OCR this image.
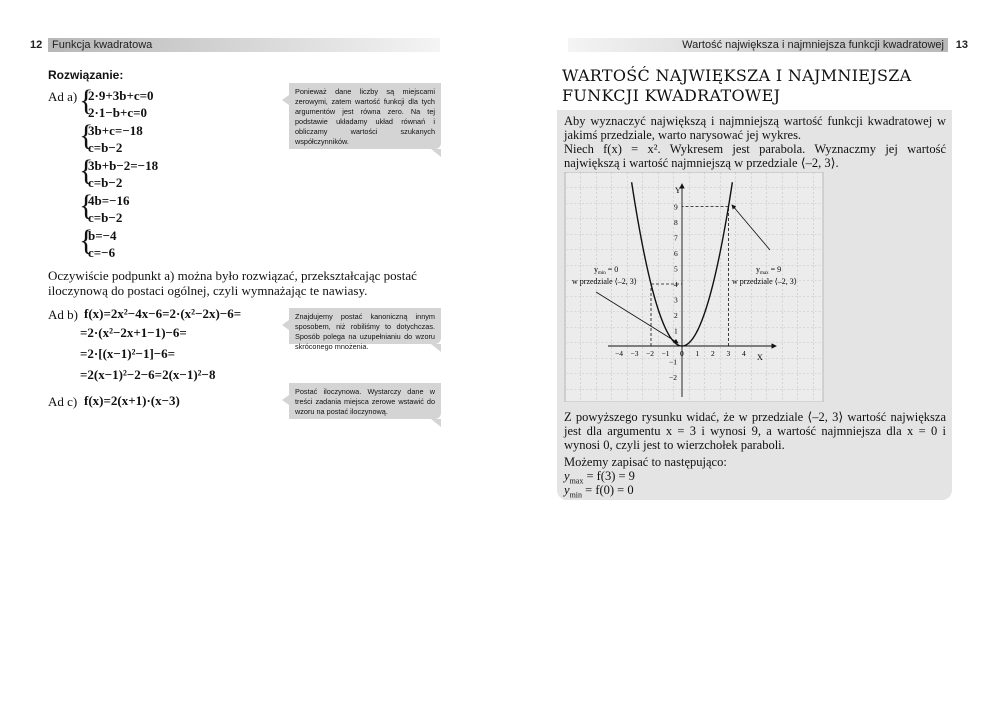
12 Funkcja kwadratowa
Rozwiązanie:
Ad a) {
2·9+3b+c=0
2·1−b+c=0
{
3b+c=−18
c=b−2
{
3b+b−2=−18
c=b−2
{
4b=−16
c=b−2
{
b=−4
c=−6
Ponieważ dane liczby są miejscami zerowymi, zatem wartość funkcji dla tych argumentów jest równa zero. Na tej podstawie układamy układ równań i obliczamy wartości szukanych współczynników.
Oczywiście podpunkt a) można było rozwiązać, przekształcając postać iloczynową do postaci ogólnej, czyli wymnażając te nawiasy.
Ad b) f(x)=2x²−4x−6=2·(x²−2x)−6=
=2·(x²−2x+1−1)−6=
=2·[(x−1)²−1]−6=
=2(x−1)²−2−6=2(x−1)²−8
Znajdujemy postać kanoniczną innym sposobem, niż robiliśmy to dotychczas. Sposób polega na uzupełnianiu do wzoru skróconego mnożenia.
Ad c) f(x)=2(x+1)·(x−3)
Postać iloczynowa. Wystarczy dane w treści zadania miejsca zerowe wstawić do wzoru na postać iloczynową.
Wartość największa i najmniejsza funkcji kwadratowej	13
WARTOŚĆ NAJWIĘKSZA I NAJMNIEJSZA FUNKCJI KWADRATOWEJ
Aby wyznaczyć największą i najmniejszą wartość funkcji kwadratowej w jakimś przedziale, warto narysować jej wykres.
Niech f(x) = x². Wykresem jest parabola. Wyznaczmy jej wartość największą i wartość najmniejszą w przedziale ⟨–2, 3⟩.
X
Y
−4 −3 −2 −1 0 1 2 3 4
9
8
7
6
5
4
3
2
1
−1
−2
$y_{min} = 0$
w przedziale ⟨–2, 3⟩
$y_{max} = 9$
w przedziale ⟨–2, 3⟩
Z powyższego rysunku widać, że w przedziale ⟨–2, 3⟩ wartość największa jest dla argumentu x = 3 i wynosi 9, a wartość najmniejsza dla x = 0 i wynosi 0, czyli jest to wierzchołek paraboli.
Możemy zapisać to następująco:
$y_{max} = f(3) = 9$
$y_{min} = f(0) = 0$
